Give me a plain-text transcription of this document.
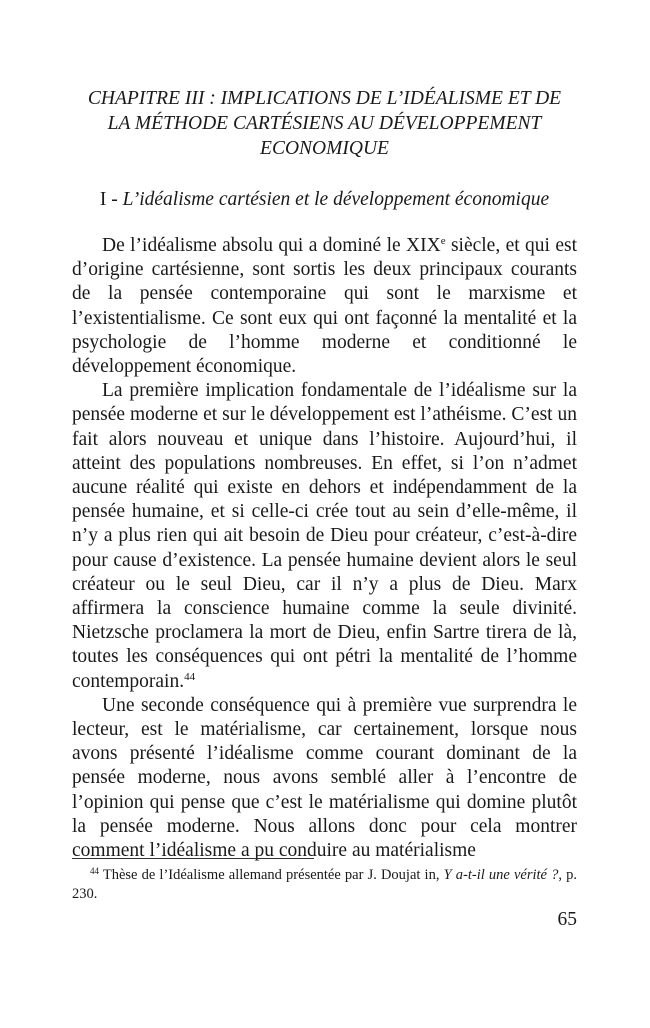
CHAPITRE III : IMPLICATIONS DE L’IDÉALISME ET DE
LA MÉTHODE CARTÉSIENS AU DÉVELOPPEMENT
ECONOMIQUE
I - L’idéalisme cartésien et le développement économique

De l’idéalisme absolu qui a dominé le XIXe siècle, et qui est d’origine cartésienne, sont sortis les deux principaux courants de la pensée contemporaine qui sont le marxisme et l’existentialisme. Ce sont eux qui ont façonné la mentalité et la psychologie de l’homme moderne et conditionné le développement économique.

La première implication fondamentale de l’idéalisme sur la pensée moderne et sur le développement est l’athéisme. C’est un fait alors nouveau et unique dans l’histoire. Aujourd’hui, il atteint des populations nombreuses. En effet, si l’on n’admet aucune réalité qui existe en dehors et indépendamment de la pensée humaine, et si celle-ci crée tout au sein d’elle-même, il n’y a plus rien qui ait besoin de Dieu pour créateur, c’est-à-dire pour cause d’existence. La pensée humaine devient alors le seul créateur ou le seul Dieu, car il n’y a plus de Dieu. Marx affirmera la conscience humaine comme la seule divinité. Nietzsche proclamera la mort de Dieu, enfin Sartre tirera de là, toutes les conséquences qui ont pétri la mentalité de l’homme contemporain.$^{44}$

Une seconde conséquence qui à première vue surprendra le lecteur, est le matérialisme, car certainement, lorsque nous avons présenté l’idéalisme comme courant dominant de la pensée moderne, nous avons semblé aller à l’encontre de l’opinion qui pense que c’est le matérialisme qui domine plutôt la pensée moderne. Nous allons donc pour cela montrer comment l’idéalisme a pu conduire au matérialisme

$^{44}$ Thèse de l’Idéalisme allemand présentée par J. Doujat in, Y a-t-il une vérité ?, p. 230.
65
